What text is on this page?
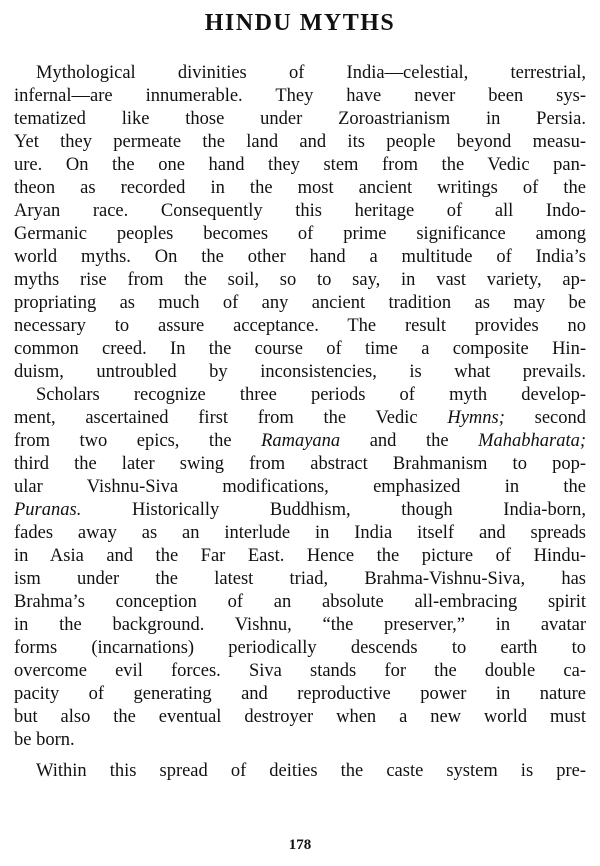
HINDU MYTHS
Mythological divinities of India—celestial, terrestrial,
infernal—are innumerable. They have never been sys-
tematized like those under Zoroastrianism in Persia.
Yet they permeate the land and its people beyond measu-
ure. On the one hand they stem from the Vedic pan-
theon as recorded in the most ancient writings of the
Aryan race. Consequently this heritage of all Indo-
Germanic peoples becomes of prime significance among
world myths. On the other hand a multitude of India’s
myths rise from the soil, so to say, in vast variety, ap-
propriating as much of any ancient tradition as may be
necessary to assure acceptance. The result provides no
common creed. In the course of time a composite Hin-
duism, untroubled by inconsistencies, is what prevails.
Scholars recognize three periods of myth develop-
ment, ascertained first from the Vedic Hymns; second
from two epics, the Ramayana and the Mahabharata;
third the later swing from abstract Brahmanism to pop-
ular Vishnu-Siva modifications, emphasized in the
Puranas. Historically Buddhism, though India-born,
fades away as an interlude in India itself and spreads
in Asia and the Far East. Hence the picture of Hindu-
ism under the latest triad, Brahma-Vishnu-Siva, has
Brahma’s conception of an absolute all-embracing spirit
in the background. Vishnu, “the preserver,” in avatar
forms (incarnations) periodically descends to earth to
overcome evil forces. Siva stands for the double ca-
pacity of generating and reproductive power in nature
but also the eventual destroyer when a new world must
be born.
Within this spread of deities the caste system is pre-
178
